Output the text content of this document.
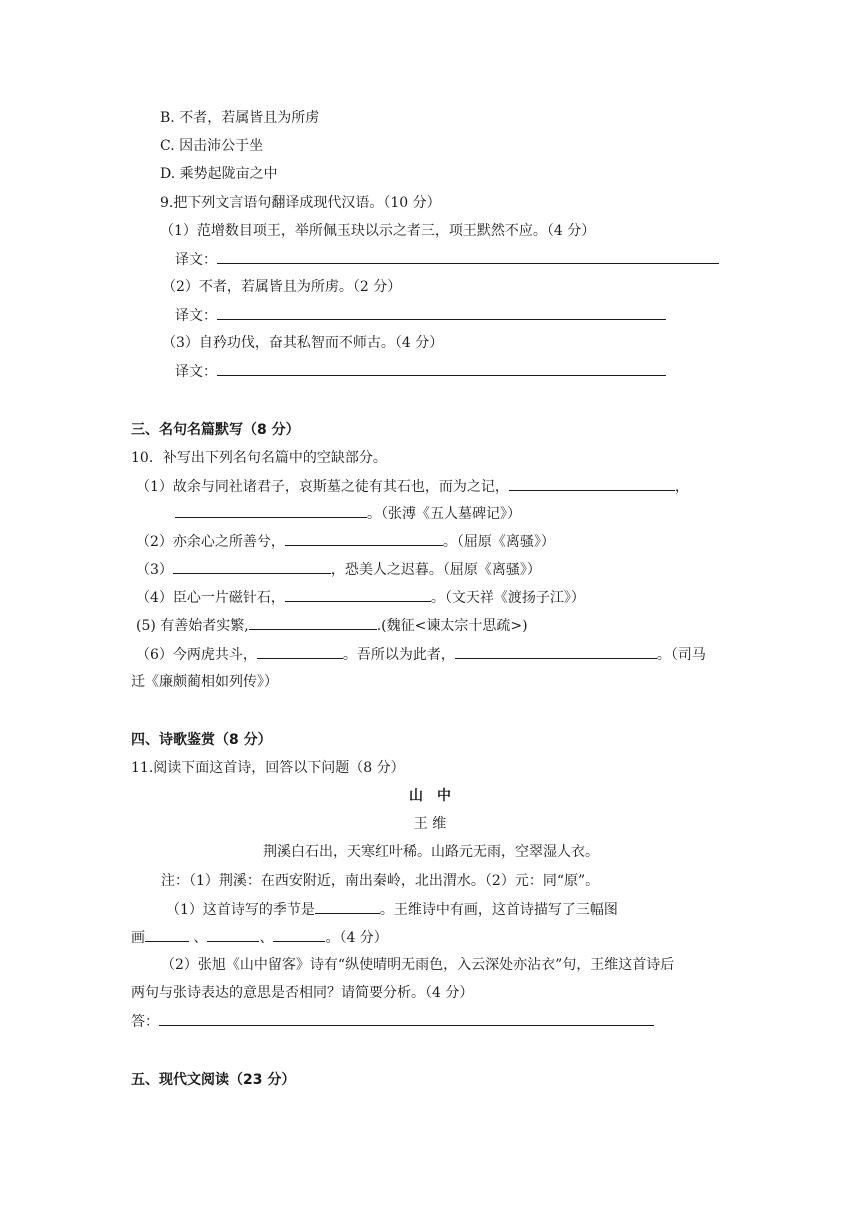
B. 不者，若属皆且为所虏
C. 因击沛公于坐
D. 乘势起陇亩之中
9.把下列文言语句翻译成现代汉语。（10 分）
（1）范增数目项王，举所佩玉玦以示之者三，项王默然不应。（4 分）
译文：
（2）不者，若属皆且为所虏。（2 分）
译文：
（3）自矜功伐，奋其私智而不师古。（4 分）
译文：
三、名句名篇默写（8 分）
10．补写出下列名句名篇中的空缺部分。
（1）故余与同社诸君子，哀斯墓之徒有其石也，而为之记，	，
。（张溥《五人墓碑记》）
（2）亦余心之所善兮，	。（屈原《离骚》）
（3）	，恐美人之迟暮。（屈原《离骚》）
（4）臣心一片磁针石，	。（文天祥《渡扬子江》）
(5) 有善始者实繁,	.(魏征<谏太宗十思疏>)
（6）今两虎共斗，	。吾所以为此者，	。（司马
迁《廉颇蔺相如列传》）
四、诗歌鉴赏（8 分）
11.阅读下面这首诗，回答以下问题（8 分）
山　中
王 维
荆溪白石出，天寒红叶稀。山路元无雨，空翠湿人衣。
注：（1）荆溪：在西安附近，南出秦岭，北出渭水。（2）元：同“原”。
（1）这首诗写的季节是	。王维诗中有画，这首诗描写了三幅图
画	、	、	。（4 分）
（2）张旭《山中留客》诗有“纵使晴明无雨色，入云深处亦沾衣”句，王维这首诗后
两句与张诗表达的意思是否相同？请简要分析。（4 分）
答：
五、现代文阅读（23 分）
